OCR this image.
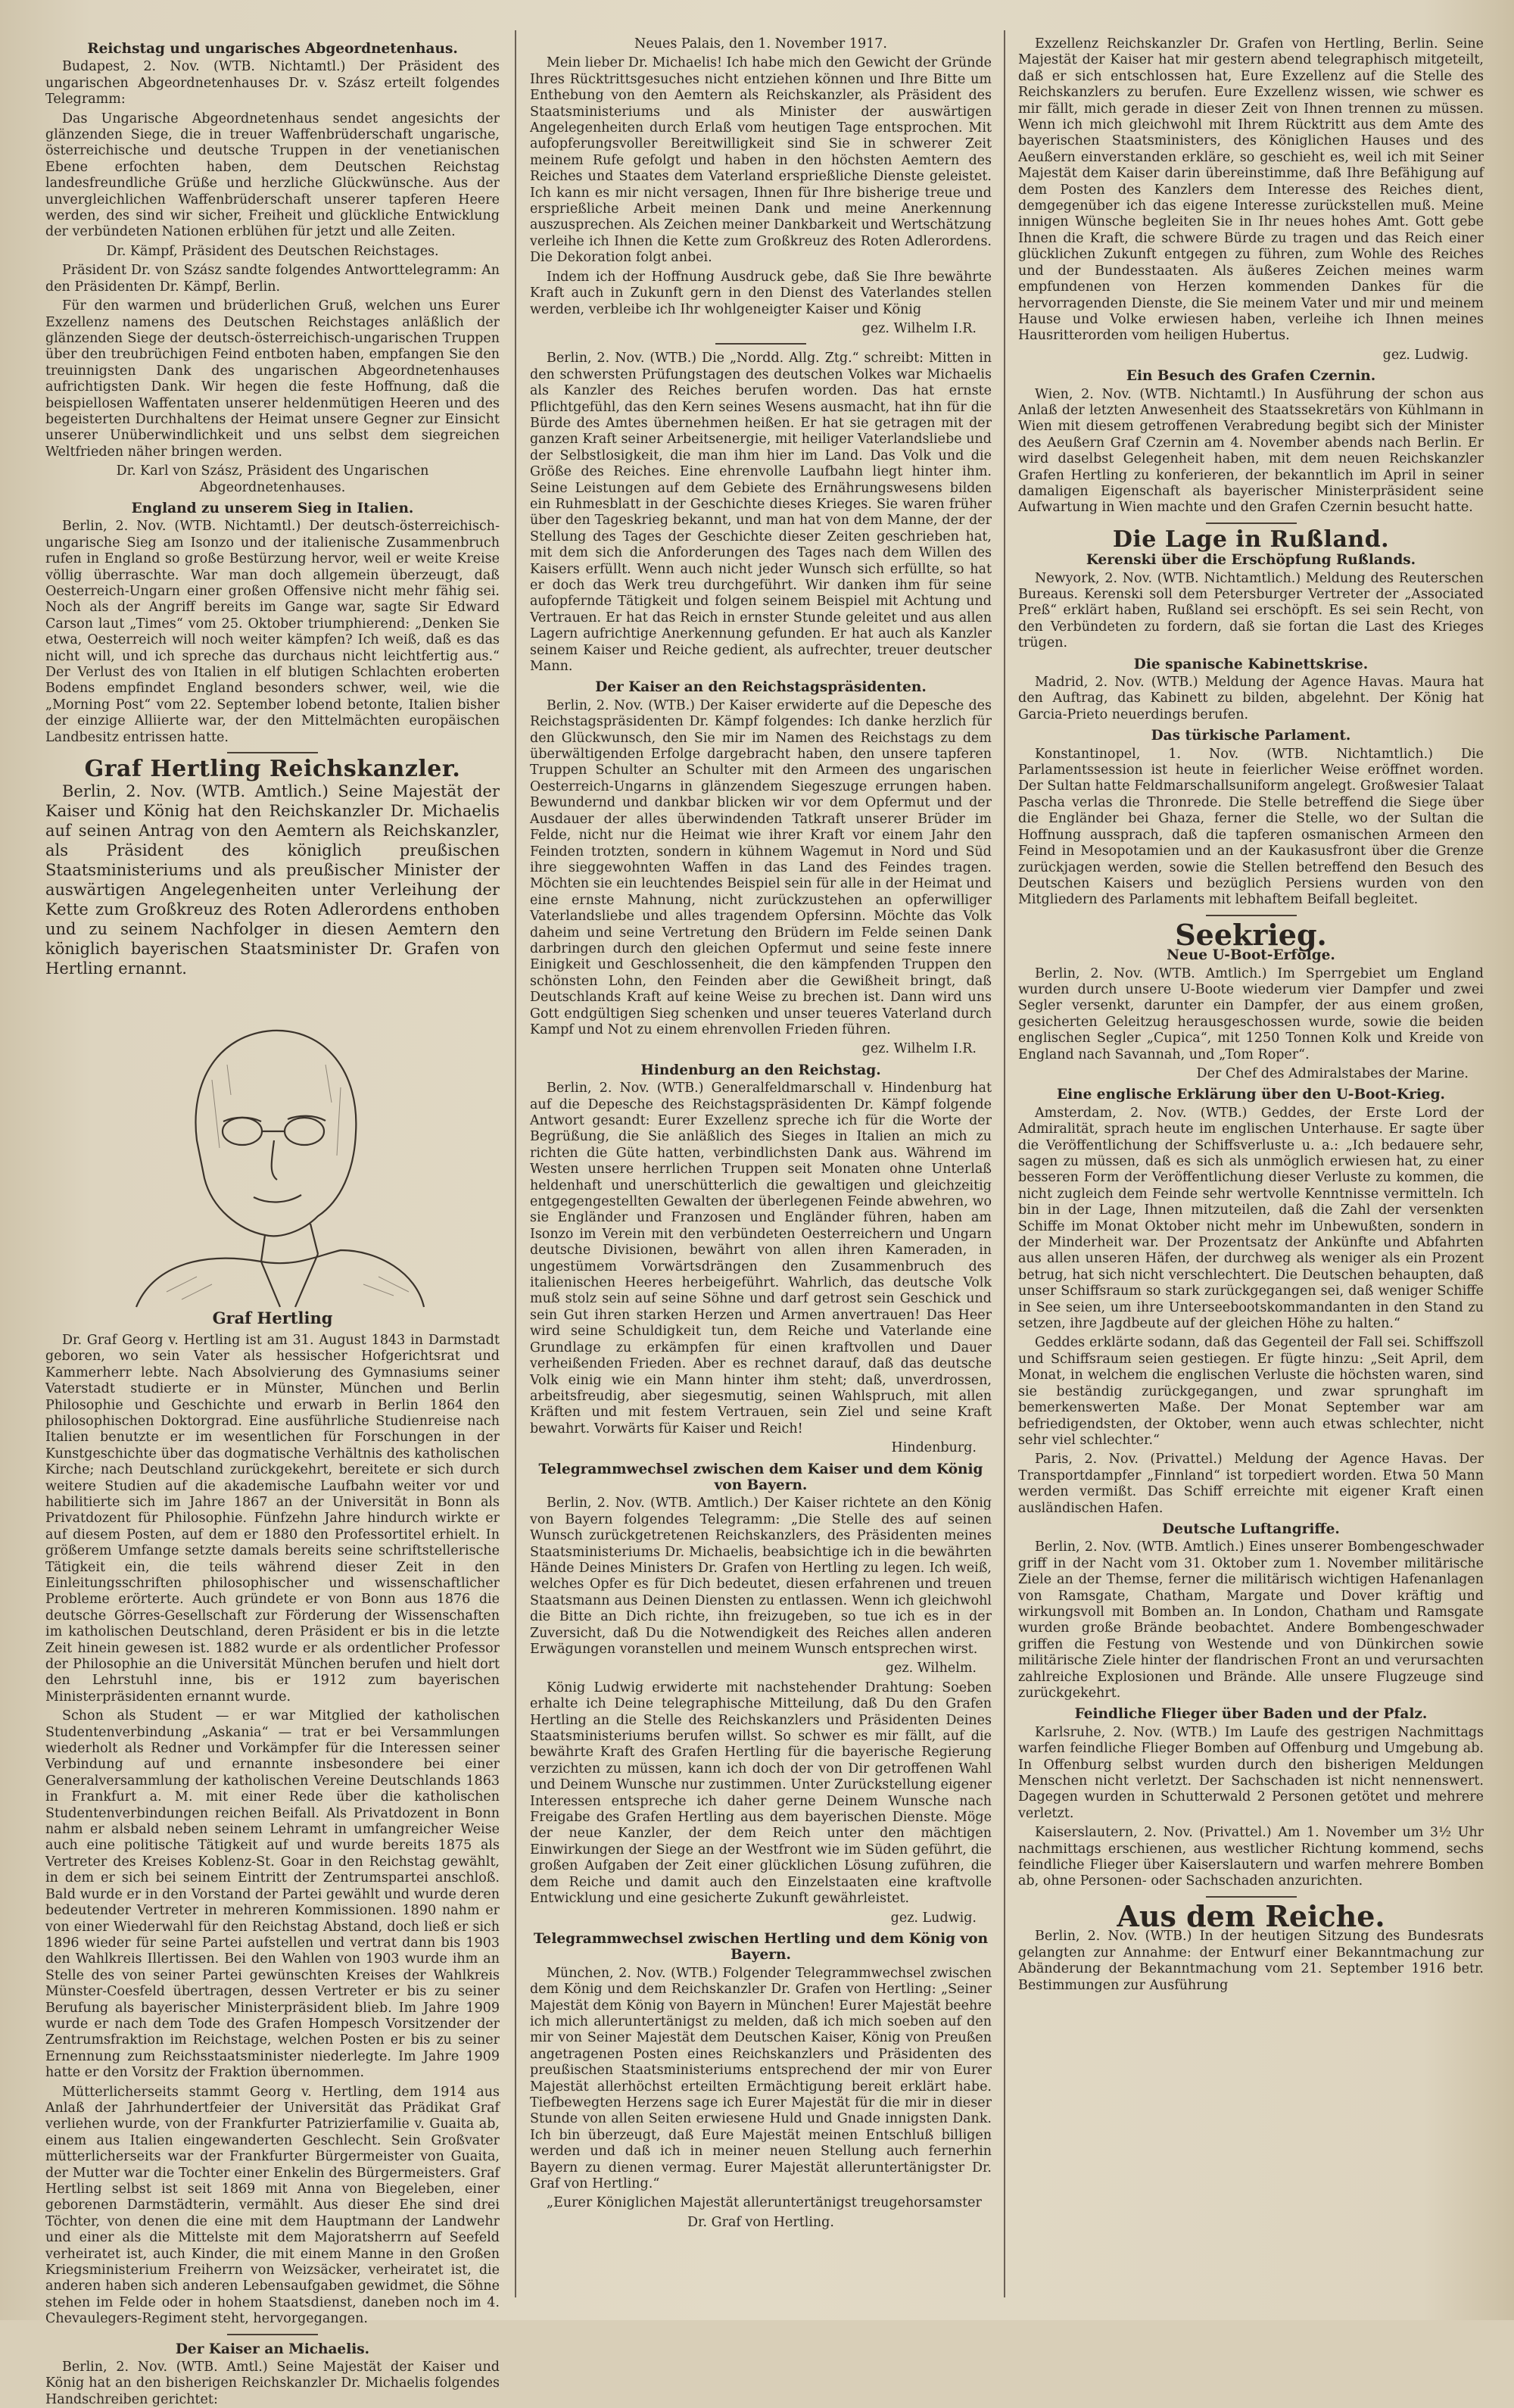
Reichstag und ungarisches Abgeordnetenhaus.

Budapest, 2. Nov. (WTB. Nichtamtl.) Der Präsident des ungarischen Abgeordnetenhauses Dr. v. Szász erteilt folgendes Telegramm:

Das Ungarische Abgeordnetenhaus sendet angesichts der glänzenden Siege, die in treuer Waffenbrüderschaft ungarische, österreichische und deutsche Truppen in der venetianischen Ebene erfochten haben, dem Deutschen Reichstag landesfreundliche Grüße und herzliche Glückwünsche. Aus der unvergleichlichen Waffenbrüderschaft unserer tapferen Heere werden, des sind wir sicher, Freiheit und glückliche Entwicklung der verbündeten Nationen erblühen für jetzt und alle Zeiten.

Dr. Kämpf, Präsident des Deutschen Reichstages.

Präsident Dr. von Szász sandte folgendes Antworttelegramm: An den Präsidenten Dr. Kämpf, Berlin.

Für den warmen und brüderlichen Gruß, welchen uns Eurer Exzellenz namens des Deutschen Reichstages anläßlich der glänzenden Siege der deutsch-österreichisch-ungarischen Truppen über den treubrüchigen Feind entboten haben, empfangen Sie den treuinnigsten Dank des ungarischen Abgeordnetenhauses aufrichtigsten Dank. Wir hegen die feste Hoffnung, daß die beispiellosen Waffentaten unserer heldenmütigen Heeren und des begeisterten Durchhaltens der Heimat unsere Gegner zur Einsicht unserer Unüberwindlichkeit und uns selbst dem siegreichen Weltfrieden näher bringen werden.

Dr. Karl von Szász, Präsident des Ungarischen Abgeordnetenhauses.

England zu unserem Sieg in Italien.

Berlin, 2. Nov. (WTB. Nichtamtl.) Der deutsch-österreichisch-ungarische Sieg am Isonzo und der italienische Zusammenbruch rufen in England so große Bestürzung hervor, weil er weite Kreise völlig überraschte. War man doch allgemein überzeugt, daß Oesterreich-Ungarn einer großen Offensive nicht mehr fähig sei. Noch als der Angriff bereits im Gange war, sagte Sir Edward Carson laut „Times“ vom 25. Oktober triumphierend: „Denken Sie etwa, Oesterreich will noch weiter kämpfen? Ich weiß, daß es das nicht will, und ich spreche das durchaus nicht leichtfertig aus.“ Der Verlust des von Italien in elf blutigen Schlachten eroberten Bodens empfindet England besonders schwer, weil, wie die „Morning Post“ vom 22. September lobend betonte, Italien bisher der einzige Alliierte war, der den Mittelmächten europäischen Landbesitz entrissen hatte.

Graf Hertling Reichskanzler.

Berlin, 2. Nov. (WTB. Amtlich.) Seine Majestät der Kaiser und König hat den Reichskanzler Dr. Michaelis auf seinen Antrag von den Aemtern als Reichskanzler, als Präsident des königlich preußischen Staatsministeriums und als preußischer Minister der auswärtigen Angelegenheiten unter Verleihung der Kette zum Großkreuz des Roten Adlerordens enthoben und zu seinem Nachfolger in diesen Aemtern den königlich bayerischen Staatsminister Dr. Grafen von Hertling ernannt.

Graf Hertling

Dr. Graf Georg v. Hertling ist am 31. August 1843 in Darmstadt geboren, wo sein Vater als hessischer Hofgerichtsrat und Kammerherr lebte. Nach Absolvierung des Gymnasiums seiner Vaterstadt studierte er in Münster, München und Berlin Philosophie und Geschichte und erwarb in Berlin 1864 den philosophischen Doktorgrad. Eine ausführliche Studienreise nach Italien benutzte er im wesentlichen für Forschungen in der Kunstgeschichte über das dogmatische Verhältnis des katholischen Kirche; nach Deutschland zurückgekehrt, bereitete er sich durch weitere Studien auf die akademische Laufbahn weiter vor und habilitierte sich im Jahre 1867 an der Universität in Bonn als Privatdozent für Philosophie. Fünfzehn Jahre hindurch wirkte er auf diesem Posten, auf dem er 1880 den Professortitel erhielt. In größerem Umfange setzte damals bereits seine schriftstellerische Tätigkeit ein, die teils während dieser Zeit in den Einleitungsschriften philosophischer und wissenschaftlicher Probleme erörterte. Auch gründete er von Bonn aus 1876 die deutsche Görres-Gesellschaft zur Förderung der Wissenschaften im katholischen Deutschland, deren Präsident er bis in die letzte Zeit hinein gewesen ist. 1882 wurde er als ordentlicher Professor der Philosophie an die Universität München berufen und hielt dort den Lehrstuhl inne, bis er 1912 zum bayerischen Ministerpräsidenten ernannt wurde.

Schon als Student — er war Mitglied der katholischen Studentenverbindung „Askania“ — trat er bei Versammlungen wiederholt als Redner und Vorkämpfer für die Interessen seiner Verbindung auf und ernannte insbesondere bei einer Generalversammlung der katholischen Vereine Deutschlands 1863 in Frankfurt a. M. mit einer Rede über die katholischen Studentenverbindungen reichen Beifall. Als Privatdozent in Bonn nahm er alsbald neben seinem Lehramt in umfangreicher Weise auch eine politische Tätigkeit auf und wurde bereits 1875 als Vertreter des Kreises Koblenz-St. Goar in den Reichstag gewählt, in dem er sich bei seinem Eintritt der Zentrumspartei anschloß. Bald wurde er in den Vorstand der Partei gewählt und wurde deren bedeutender Vertreter in mehreren Kommissionen. 1890 nahm er von einer Wiederwahl für den Reichstag Abstand, doch ließ er sich 1896 wieder für seine Partei aufstellen und vertrat dann bis 1903 den Wahlkreis Illertissen. Bei den Wahlen von 1903 wurde ihm an Stelle des von seiner Partei gewünschten Kreises der Wahlkreis Münster-Coesfeld übertragen, dessen Vertreter er bis zu seiner Berufung als bayerischer Ministerpräsident blieb. Im Jahre 1909 wurde er nach dem Tode des Grafen Hompesch Vorsitzender der Zentrumsfraktion im Reichstage, welchen Posten er bis zu seiner Ernennung zum Reichsstaatsminister niederlegte. Im Jahre 1909 hatte er den Vorsitz der Fraktion übernommen.

Mütterlicherseits stammt Georg v. Hertling, dem 1914 aus Anlaß der Jahrhundertfeier der Universität das Prädikat Graf verliehen wurde, von der Frankfurter Patrizierfamilie v. Guaita ab, einem aus Italien eingewanderten Geschlecht. Sein Großvater mütterlicherseits war der Frankfurter Bürgermeister von Guaita, der Mutter war die Tochter einer Enkelin des Bürgermeisters. Graf Hertling selbst ist seit 1869 mit Anna von Biegeleben, einer geborenen Darmstädterin, vermählt. Aus dieser Ehe sind drei Töchter, von denen die eine mit dem Hauptmann der Landwehr und einer als die Mittelste mit dem Majoratsherrn auf Seefeld verheiratet ist, auch Kinder, die mit einem Manne in den Großen Kriegsministerium Freiherrn von Weizsäcker, verheiratet ist, die anderen haben sich anderen Lebensaufgaben gewidmet, die Söhne stehen im Felde oder in hohem Staatsdienst, daneben noch im 4. Chevaulegers-Regiment steht, hervorgegangen.

Der Kaiser an Michaelis.

Berlin, 2. Nov. (WTB. Amtl.) Seine Majestät der Kaiser und König hat an den bisherigen Reichskanzler Dr. Michaelis folgendes Handschreiben gerichtet:

Neues Palais, den 1. November 1917.

Mein lieber Dr. Michaelis! Ich habe mich den Gewicht der Gründe Ihres Rücktrittsgesuches nicht entziehen können und Ihre Bitte um Enthebung von den Aemtern als Reichskanzler, als Präsident des Staatsministeriums und als Minister der auswärtigen Angelegenheiten durch Erlaß vom heutigen Tage entsprochen. Mit aufopferungsvoller Bereitwilligkeit sind Sie in schwerer Zeit meinem Rufe gefolgt und haben in den höchsten Aemtern des Reiches und Staates dem Vaterland ersprießliche Dienste geleistet. Ich kann es mir nicht versagen, Ihnen für Ihre bisherige treue und ersprießliche Arbeit meinen Dank und meine Anerkennung auszusprechen. Als Zeichen meiner Dankbarkeit und Wertschätzung verleihe ich Ihnen die Kette zum Großkreuz des Roten Adlerordens. Die Dekoration folgt anbei.

Indem ich der Hoffnung Ausdruck gebe, daß Sie Ihre bewährte Kraft auch in Zukunft gern in den Dienst des Vaterlandes stellen werden, verbleibe ich Ihr wohlgeneigter Kaiser und König

gez. Wilhelm I.R.

Berlin, 2. Nov. (WTB.) Die „Nordd. Allg. Ztg.“ schreibt: Mitten in den schwersten Prüfungstagen des deutschen Volkes war Michaelis als Kanzler des Reiches berufen worden. Das hat ernste Pflichtgefühl, das den Kern seines Wesens ausmacht, hat ihn für die Bürde des Amtes übernehmen heißen. Er hat sie getragen mit der ganzen Kraft seiner Arbeitsenergie, mit heiliger Vaterlandsliebe und der Selbstlosigkeit, die man ihm hier im Land. Das Volk und die Größe des Reiches. Eine ehrenvolle Laufbahn liegt hinter ihm. Seine Leistungen auf dem Gebiete des Ernährungswesens bilden ein Ruhmesblatt in der Geschichte dieses Krieges. Sie waren früher über den Tageskrieg bekannt, und man hat von dem Manne, der der Stellung des Tages der Geschichte dieser Zeiten geschrieben hat, mit dem sich die Anforderungen des Tages nach dem Willen des Kaisers erfüllt. Wenn auch nicht jeder Wunsch sich erfüllte, so hat er doch das Werk treu durchgeführt. Wir danken ihm für seine aufopfernde Tätigkeit und folgen seinem Beispiel mit Achtung und Vertrauen. Er hat das Reich in ernster Stunde geleitet und aus allen Lagern aufrichtige Anerkennung gefunden. Er hat auch als Kanzler seinem Kaiser und Reiche gedient, als aufrechter, treuer deutscher Mann.

Der Kaiser an den Reichstagspräsidenten.

Berlin, 2. Nov. (WTB.) Der Kaiser erwiderte auf die Depesche des Reichstagspräsidenten Dr. Kämpf folgendes: Ich danke herzlich für den Glückwunsch, den Sie mir im Namen des Reichstags zu dem überwältigenden Erfolge dargebracht haben, den unsere tapferen Truppen Schulter an Schulter mit den Armeen des ungarischen Oesterreich-Ungarns in glänzendem Siegeszuge errungen haben. Bewundernd und dankbar blicken wir vor dem Opfermut und der Ausdauer der alles überwindenden Tatkraft unserer Brüder im Felde, nicht nur die Heimat wie ihrer Kraft vor einem Jahr den Feinden trotzten, sondern in kühnem Wagemut in Nord und Süd ihre sieggewohnten Waffen in das Land des Feindes tragen. Möchten sie ein leuchtendes Beispiel sein für alle in der Heimat und eine ernste Mahnung, nicht zurückzustehen an opferwilliger Vaterlandsliebe und alles tragendem Opfersinn. Möchte das Volk daheim und seine Vertretung den Brüdern im Felde seinen Dank darbringen durch den gleichen Opfermut und seine feste innere Einigkeit und Geschlossenheit, die den kämpfenden Truppen den schönsten Lohn, den Feinden aber die Gewißheit bringt, daß Deutschlands Kraft auf keine Weise zu brechen ist. Dann wird uns Gott endgültigen Sieg schenken und unser teueres Vaterland durch Kampf und Not zu einem ehrenvollen Frieden führen.

gez. Wilhelm I.R.

Hindenburg an den Reichstag.

Berlin, 2. Nov. (WTB.) Generalfeldmarschall v. Hindenburg hat auf die Depesche des Reichstagspräsidenten Dr. Kämpf folgende Antwort gesandt: Eurer Exzellenz spreche ich für die Worte der Begrüßung, die Sie anläßlich des Sieges in Italien an mich zu richten die Güte hatten, verbindlichsten Dank aus. Während im Westen unsere herrlichen Truppen seit Monaten ohne Unterlaß heldenhaft und unerschütterlich die gewaltigen und gleichzeitig entgegengestellten Gewalten der überlegenen Feinde abwehren, wo sie Engländer und Franzosen und Engländer führen, haben am Isonzo im Verein mit den verbündeten Oesterreichern und Ungarn deutsche Divisionen, bewährt von allen ihren Kameraden, in ungestümem Vorwärtsdrängen den Zusammenbruch des italienischen Heeres herbeigeführt. Wahrlich, das deutsche Volk muß stolz sein auf seine Söhne und darf getrost sein Geschick und sein Gut ihren starken Herzen und Armen anvertrauen! Das Heer wird seine Schuldigkeit tun, dem Reiche und Vaterlande eine Grundlage zu erkämpfen für einen kraftvollen und Dauer verheißenden Frieden. Aber es rechnet darauf, daß das deutsche Volk einig wie ein Mann hinter ihm steht; daß, unverdrossen, arbeitsfreudig, aber siegesmutig, seinen Wahlspruch, mit allen Kräften und mit festem Vertrauen, sein Ziel und seine Kraft bewahrt. Vorwärts für Kaiser und Reich!

Hindenburg.

Telegrammwechsel zwischen dem Kaiser und dem König von Bayern.

Berlin, 2. Nov. (WTB. Amtlich.) Der Kaiser richtete an den König von Bayern folgendes Telegramm: „Die Stelle des auf seinen Wunsch zurückgetretenen Reichskanzlers, des Präsidenten meines Staatsministeriums Dr. Michaelis, beabsichtige ich in die bewährten Hände Deines Ministers Dr. Grafen von Hertling zu legen. Ich weiß, welches Opfer es für Dich bedeutet, diesen erfahrenen und treuen Staatsmann aus Deinen Diensten zu entlassen. Wenn ich gleichwohl die Bitte an Dich richte, ihn freizugeben, so tue ich es in der Zuversicht, daß Du die Notwendigkeit des Reiches allen anderen Erwägungen voranstellen und meinem Wunsch entsprechen wirst.

gez. Wilhelm.

König Ludwig erwiderte mit nachstehender Drahtung: Soeben erhalte ich Deine telegraphische Mitteilung, daß Du den Grafen Hertling an die Stelle des Reichskanzlers und Präsidenten Deines Staatsministeriums berufen willst. So schwer es mir fällt, auf die bewährte Kraft des Grafen Hertling für die bayerische Regierung verzichten zu müssen, kann ich doch der von Dir getroffenen Wahl und Deinem Wunsche nur zustimmen. Unter Zurückstellung eigener Interessen entspreche ich daher gerne Deinem Wunsche nach Freigabe des Grafen Hertling aus dem bayerischen Dienste. Möge der neue Kanzler, der dem Reich unter den mächtigen Einwirkungen der Siege an der Westfront wie im Süden geführt, die großen Aufgaben der Zeit einer glücklichen Lösung zuführen, die dem Reiche und damit auch den Einzelstaaten eine kraftvolle Entwicklung und eine gesicherte Zukunft gewährleistet.

gez. Ludwig.

Telegrammwechsel zwischen Hertling und dem König von Bayern.

München, 2. Nov. (WTB.) Folgender Telegrammwechsel zwischen dem König und dem Reichskanzler Dr. Grafen von Hertling: „Seiner Majestät dem König von Bayern in München! Eurer Majestät beehre ich mich alleruntertänigst zu melden, daß ich mich soeben auf den mir von Seiner Majestät dem Deutschen Kaiser, König von Preußen angetragenen Posten eines Reichskanzlers und Präsidenten des preußischen Staatsministeriums entsprechend der mir von Eurer Majestät allerhöchst erteilten Ermächtigung bereit erklärt habe. Tiefbewegten Herzens sage ich Eurer Majestät für die mir in dieser Stunde von allen Seiten erwiesene Huld und Gnade innigsten Dank. Ich bin überzeugt, daß Eure Majestät meinen Entschluß billigen werden und daß ich in meiner neuen Stellung auch fernerhin Bayern zu dienen vermag. Eurer Majestät alleruntertänigster Dr. Graf von Hertling.“

„Eurer Königlichen Majestät alleruntertänigst treugehorsamster

Dr. Graf von Hertling.

Exzellenz Reichskanzler Dr. Grafen von Hertling, Berlin. Seine Majestät der Kaiser hat mir gestern abend telegraphisch mitgeteilt, daß er sich entschlossen hat, Eure Exzellenz auf die Stelle des Reichskanzlers zu berufen. Eure Exzellenz wissen, wie schwer es mir fällt, mich gerade in dieser Zeit von Ihnen trennen zu müssen. Wenn ich mich gleichwohl mit Ihrem Rücktritt aus dem Amte des bayerischen Staatsministers, des Königlichen Hauses und des Aeußern einverstanden erkläre, so geschieht es, weil ich mit Seiner Majestät dem Kaiser darin übereinstimme, daß Ihre Befähigung auf dem Posten des Kanzlers dem Interesse des Reiches dient, demgegenüber ich das eigene Interesse zurückstellen muß. Meine innigen Wünsche begleiten Sie in Ihr neues hohes Amt. Gott gebe Ihnen die Kraft, die schwere Bürde zu tragen und das Reich einer glücklichen Zukunft entgegen zu führen, zum Wohle des Reiches und der Bundesstaaten. Als äußeres Zeichen meines warm empfundenen von Herzen kommenden Dankes für die hervorragenden Dienste, die Sie meinem Vater und mir und meinem Hause und Volke erwiesen haben, verleihe ich Ihnen meines Hausritterorden vom heiligen Hubertus.

gez. Ludwig.

Ein Besuch des Grafen Czernin.

Wien, 2. Nov. (WTB. Nichtamtl.) In Ausführung der schon aus Anlaß der letzten Anwesenheit des Staatssekretärs von Kühlmann in Wien mit diesem getroffenen Verabredung begibt sich der Minister des Aeußern Graf Czernin am 4. November abends nach Berlin. Er wird daselbst Gelegenheit haben, mit dem neuen Reichskanzler Grafen Hertling zu konferieren, der bekanntlich im April in seiner damaligen Eigenschaft als bayerischer Ministerpräsident seine Aufwartung in Wien machte und den Grafen Czernin besucht hatte.

Die Lage in Rußland.
Kerenski über die Erschöpfung Rußlands.

Newyork, 2. Nov. (WTB. Nichtamtlich.) Meldung des Reuterschen Bureaus. Kerenski soll dem Petersburger Vertreter der „Associated Preß“ erklärt haben, Rußland sei erschöpft. Es sei sein Recht, von den Verbündeten zu fordern, daß sie fortan die Last des Krieges trügen.

Die spanische Kabinettskrise.

Madrid, 2. Nov. (WTB.) Meldung der Agence Havas. Maura hat den Auftrag, das Kabinett zu bilden, abgelehnt. Der König hat Garcia-Prieto neuerdings berufen.

Das türkische Parlament.

Konstantinopel, 1. Nov. (WTB. Nichtamtlich.) Die Parlamentssession ist heute in feierlicher Weise eröffnet worden. Der Sultan hatte Feldmarschallsuniform angelegt. Großwesier Talaat Pascha verlas die Thronrede. Die Stelle betreffend die Siege über die Engländer bei Ghaza, ferner die Stelle, wo der Sultan die Hoffnung aussprach, daß die tapferen osmanischen Armeen den Feind in Mesopotamien und an der Kaukasusfront über die Grenze zurückjagen werden, sowie die Stellen betreffend den Besuch des Deutschen Kaisers und bezüglich Persiens wurden von den Mitgliedern des Parlaments mit lebhaftem Beifall begleitet.

Seekrieg.
Neue U-Boot-Erfolge.

Berlin, 2. Nov. (WTB. Amtlich.) Im Sperrgebiet um England wurden durch unsere U-Boote wiederum vier Dampfer und zwei Segler versenkt, darunter ein Dampfer, der aus einem großen, gesicherten Geleitzug herausgeschossen wurde, sowie die beiden englischen Segler „Cupica“, mit 1250 Tonnen Kolk und Kreide von England nach Savannah, und „Tom Roper“.

Der Chef des Admiralstabes der Marine.

Eine englische Erklärung über den U-Boot-Krieg.

Amsterdam, 2. Nov. (WTB.) Geddes, der Erste Lord der Admiralität, sprach heute im englischen Unterhause. Er sagte über die Veröffentlichung der Schiffsverluste u. a.: „Ich bedauere sehr, sagen zu müssen, daß es sich als unmöglich erwiesen hat, zu einer besseren Form der Veröffentlichung dieser Verluste zu kommen, die nicht zugleich dem Feinde sehr wertvolle Kenntnisse vermitteln. Ich bin in der Lage, Ihnen mitzuteilen, daß die Zahl der versenkten Schiffe im Monat Oktober nicht mehr im Unbewußten, sondern in der Minderheit war. Der Prozentsatz der Ankünfte und Abfahrten aus allen unseren Häfen, der durchweg als weniger als ein Prozent betrug, hat sich nicht verschlechtert. Die Deutschen behaupten, daß unser Schiffsraum so stark zurückgegangen sei, daß weniger Schiffe in See seien, um ihre Unterseebootskommandanten in den Stand zu setzen, ihre Jagdbeute auf der gleichen Höhe zu halten.“

Geddes erklärte sodann, daß das Gegenteil der Fall sei. Schiffszoll und Schiffsraum seien gestiegen. Er fügte hinzu: „Seit April, dem Monat, in welchem die englischen Verluste die höchsten waren, sind sie beständig zurückgegangen, und zwar sprunghaft im bemerkenswerten Maße. Der Monat September war am befriedigendsten, der Oktober, wenn auch etwas schlechter, nicht sehr viel schlechter.“

Paris, 2. Nov. (Privattel.) Meldung der Agence Havas. Der Transportdampfer „Finnland“ ist torpediert worden. Etwa 50 Mann werden vermißt. Das Schiff erreichte mit eigener Kraft einen ausländischen Hafen.

Deutsche Luftangriffe.

Berlin, 2. Nov. (WTB. Amtlich.) Eines unserer Bombengeschwader griff in der Nacht vom 31. Oktober zum 1. November militärische Ziele an der Themse, ferner die militärisch wichtigen Hafenanlagen von Ramsgate, Chatham, Margate und Dover kräftig und wirkungsvoll mit Bomben an. In London, Chatham und Ramsgate wurden große Brände beobachtet. Andere Bombengeschwader griffen die Festung von Westende und von Dünkirchen sowie militärische Ziele hinter der flandrischen Front an und verursachten zahlreiche Explosionen und Brände. Alle unsere Flugzeuge sind zurückgekehrt.

Feindliche Flieger über Baden und der Pfalz.

Karlsruhe, 2. Nov. (WTB.) Im Laufe des gestrigen Nachmittags warfen feindliche Flieger Bomben auf Offenburg und Umgebung ab. In Offenburg selbst wurden durch den bisherigen Meldungen Menschen nicht verletzt. Der Sachschaden ist nicht nennenswert. Dagegen wurden in Schutterwald 2 Personen getötet und mehrere verletzt.

Kaiserslautern, 2. Nov. (Privattel.) Am 1. November um 3½ Uhr nachmittags erschienen, aus westlicher Richtung kommend, sechs feindliche Flieger über Kaiserslautern und warfen mehrere Bomben ab, ohne Personen- oder Sachschaden anzurichten.

Aus dem Reiche.

Berlin, 2. Nov. (WTB.) In der heutigen Sitzung des Bundesrats gelangten zur Annahme: der Entwurf einer Bekanntmachung zur Abänderung der Bekanntmachung vom 21. September 1916 betr. Bestimmungen zur Ausführung
